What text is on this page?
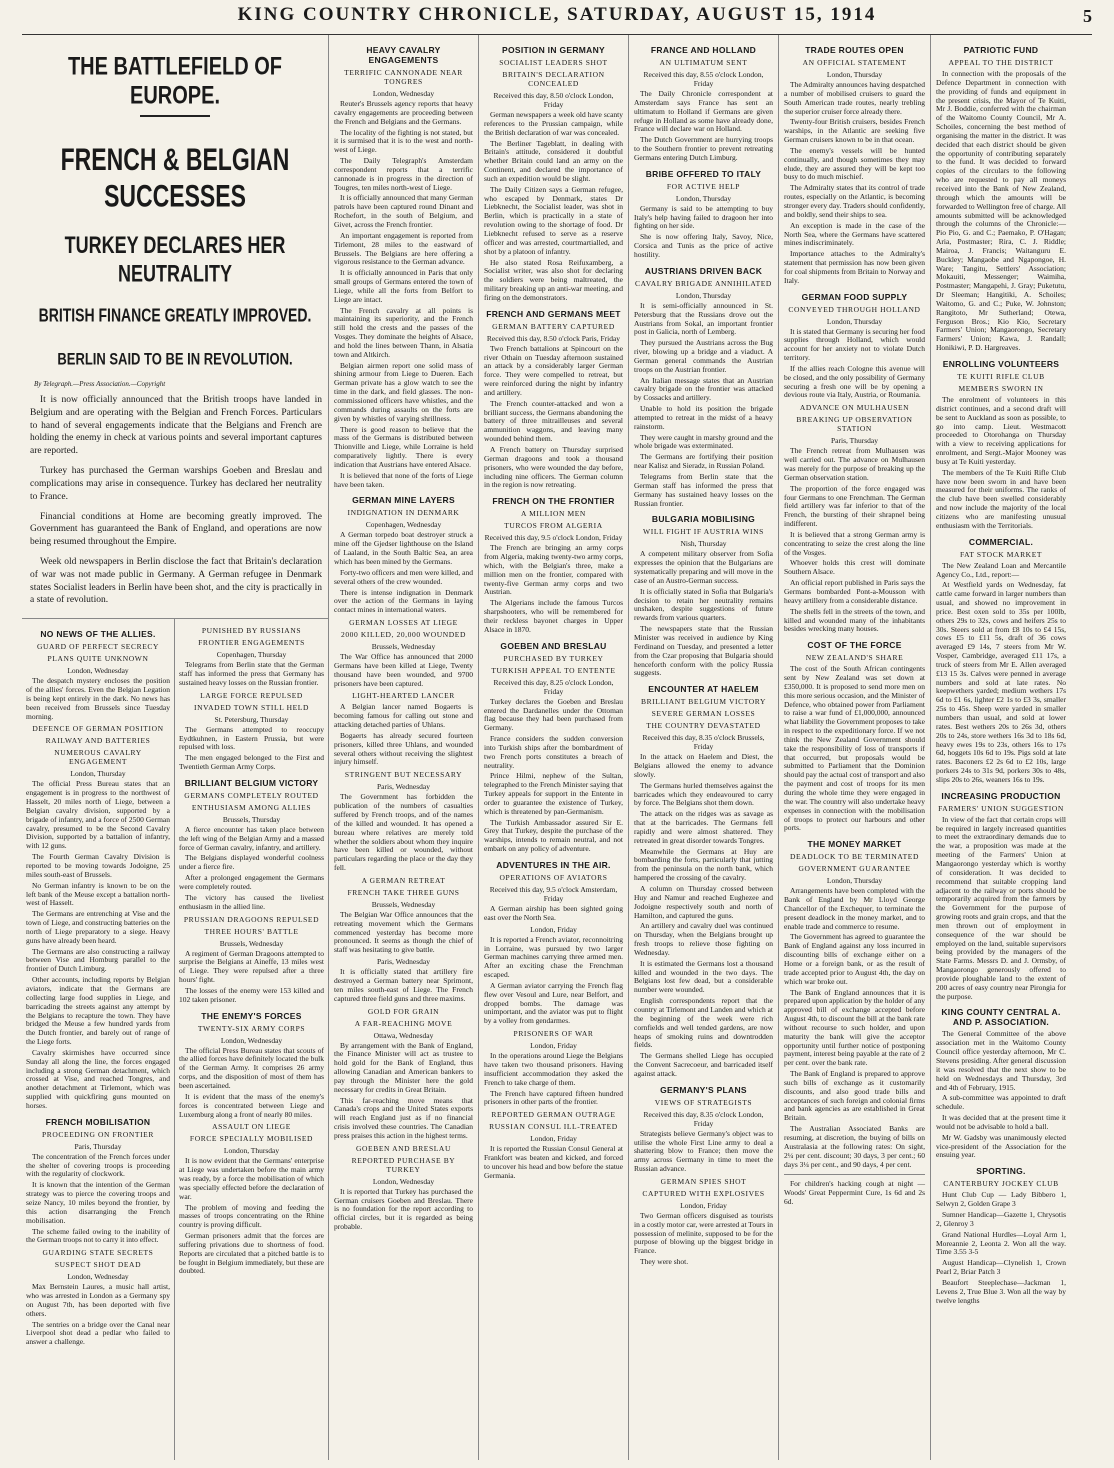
KING COUNTRY CHRONICLE, SATURDAY, AUGUST 15, 1914	5
THE BATTLEFIELD OF EUROPE.
FRENCH & BELGIAN SUCCESSES
TURKEY DECLARES HER NEUTRALITY
BRITISH FINANCE GREATLY IMPROVED.
BERLIN SAID TO BE IN REVOLUTION.
By Telegraph.—Press Association.—Copyright

It is now officially announced that the British troops have landed in Belgium and are operating with the Belgian and French Forces. Particulars to hand of several engagements indicate that the Belgians and French are holding the enemy in check at various points and several important captures are reported.

Turkey has purchased the German warships Goeben and Breslau and complications may arise in consequence. Turkey has declared her neutrality to France.

Financial conditions at Home are becoming greatly improved. The Government has guaranteed the Bank of England, and operations are now being resumed throughout the Empire.

Week old newspapers in Berlin disclose the fact that Britain's declaration of war was not made public in Germany. A German refugee in Denmark states Socialist leaders in Berlin have been shot, and the city is practically in a state of revolution.

NO NEWS OF THE ALLIES.
GUARD OF PERFECT SECRECY
PLANS QUITE UNKNOWN
London, Wednesday
The despatch mystery encloses the position of the allies' forces. Even the Belgian Legation is being kept entirely in the dark. No news has been received from Brussels since Tuesday morning.
DEFENCE OF GERMAN POSITION
RAILWAY AND BATTERIES
NUMEROUS CAVALRY ENGAGEMENT
London, Thursday
The official Press Bureau states that an engagement is in progress to the northwest of Hasselt, 20 miles north of Liege, between a Belgian cavalry division, supported by a brigade of infantry, and a force of 2500 German cavalry, presumed to be the Second Cavalry Division, supported by a battalion of infantry, with 12 guns.
The Fourth German Cavalry Division is reported to be moving towards Jodoigne, 25 miles south-east of Brussels.
No German infantry is known to be on the left bank of the Meuse except a battalion north-west of Hasselt.
The Germans are entrenching at Vise and the town of Liege, and constructing batteries on the north of Liege preparatory to a siege. Heavy guns have already been heard.
The Germans are also constructing a railway between Vise and Homburg parallel to the frontier of Dutch Limburg.
Other accounts, including reports by Belgian aviators, indicate that the Germans are collecting large food supplies in Liege, and barricading the streets against any attempt by the Belgians to recapture the town. They have bridged the Meuse a few hundred yards from the Dutch frontier, and barely out of range of the Liege forts.
Cavalry skirmishes have occurred since Sunday all along the line, the forces engaged including a strong German detachment, which crossed at Vise, and reached Tongres, and another detachment at Tirlemont, which was supplied with quickfiring guns mounted on horses.
FRENCH MOBILISATION
PROCEEDING ON FRONTIER
Paris, Thursday
The concentration of the French forces under the shelter of covering troops is proceeding with the regularity of clockwork.
It is known that the intention of the German strategy was to pierce the covering troops and seize Nancy, 10 miles beyond the frontier, by this action disarranging the French mobilisation.
The scheme failed owing to the inability of the German troops not to carry it into effect.
GUARDING STATE SECRETS
SUSPECT SHOT DEAD
London, Wednesday
Max Bernstein Laures, a music hall artist, who was arrested in London as a Germany spy on August 7th, has been deported with five others.
The sentries on a bridge over the Canal near Liverpool shot dead a pedlar who failed to answer a challenge.
PUNISHED BY RUSSIANS
FRONTIER ENGAGEMENTS
Copenhagen, Thursday
Telegrams from Berlin state that the German staff has informed the press that Germany has sustained heavy losses on the Russian frontier.
LARGE FORCE REPULSED
INVADED TOWN STILL HELD
St. Petersburg, Thursday
The Germans attempted to reoccupy Eydtkuhnen, in Eastern Prussia, but were repulsed with loss.
The men engaged belonged to the First and Twentieth German Army Corps.
BRILLIANT BELGIUM VICTORY
GERMANS COMPLETELY ROUTED
ENTHUSIASM AMONG ALLIES
Brussels, Thursday
A fierce encounter has taken place between the left wing of the Belgian Army and a massed force of German cavalry, infantry, and artillery.
The Belgians displayed wonderful coolness under a fierce fire.
After a prolonged engagement the Germans were completely routed.
The victory has caused the liveliest enthusiasm in the allied line.
PRUSSIAN DRAGOONS REPULSED
THREE HOURS' BATTLE
Brussels, Wednesday
A regiment of German Dragoons attempted to surprise the Belgians at Aineffe, 13 miles west of Liege. They were repulsed after a three hours' fight.
The losses of the enemy were 153 killed and 102 taken prisoner.
THE ENEMY'S FORCES
TWENTY-SIX ARMY CORPS
London, Wednesday
The official Press Bureau states that scouts of the allied forces have definitely located the bulk of the German Army. It comprises 26 army corps, and the disposition of most of them has been ascertained.
It is evident that the mass of the enemy's forces is concentrated between Liege and Luxemburg along a front of nearly 80 miles.
ASSAULT ON LIEGE
FORCE SPECIALLY MOBILISED
London, Thursday
It is now evident that the Germans' enterprise at Liege was undertaken before the main army was ready, by a force the mobilisation of which was specially effected before the declaration of war.
The problem of moving and feeding the masses of troops concentrating on the Rhine country is proving difficult.
German prisoners admit that the forces are suffering privations due to shortness of food. Reports are circulated that a pitched battle is to be fought in Belgium immediately, but these are doubted.
HEAVY CAVALRY ENGAGEMENTS
TERRIFIC CANNONADE NEAR TONGRES
London, Wednesday
Reuter's Brussels agency reports that heavy cavalry engagements are proceeding between the French and Belgians and the Germans.
The locality of the fighting is not stated, but it is surmised that it is to the west and north-west of Liege.
The Daily Telegraph's Amsterdam correspondent reports that a terrific cannonade is in progress in the direction of Tougres, ten miles north-west of Liege.
It is officially announced that many German patrols have been captured round Dinant and Rochefort, in the south of Belgium, and Givet, across the French frontier.
An important engagement is reported from Tirlemont, 28 miles to the eastward of Brussels. The Belgians are here offering a vigorous resistance to the German advance.
It is officially announced in Paris that only small groups of Germans entered the town of Liege, while all the forts from Belfort to Liege are intact.
The French cavalry at all points is maintaining its superiority, and the French still hold the crests and the passes of the Vosges. They dominate the heights of Alsace, and hold the lines between Thann, in Alsatia town and Altkirch.
Belgian airmen report one solid mass of shining armour from Liege to Dueren. Each German private has a glow watch to see the time in the dark, and field glasses. The non-commissioned officers have whistles, and the commands during assaults on the forts are given by whistles of varying shrillness.
There is good reason to believe that the mass of the Germans is distributed between Thionville and Liege, while Lorraine is held comparatively lightly. There is every indication that Austrians have entered Alsace.
It is believed that none of the forts of Liege have been taken.
GERMAN MINE LAYERS
INDIGNATION IN DENMARK
Copenhagen, Wednesday
A German torpedo boat destroyer struck a mine off the Gjedser lighthouse on the Island of Laaland, in the South Baltic Sea, an area which has been mined by the Germans.
Forty-two officers and men were killed, and several others of the crew wounded.
There is intense indignation in Denmark over the action of the Germans in laying contact mines in international waters.
GERMAN LOSSES AT LIEGE
2000 KILLED, 20,000 WOUNDED
Brussels, Wednesday
The War Office has announced that 2000 Germans have been killed at Liege, Twenty thousand have been wounded, and 9700 prisoners have been captured.
LIGHT-HEARTED LANCER
A Belgian lancer named Bogaerts is becoming famous for calling out stone and attacking detached parties of Uhlans.
Bogaerts has already secured fourteen prisoners, killed three Uhlans, and wounded several others without receiving the slightest injury himself.
STRINGENT BUT NECESSARY
Paris, Wednesday
The Government has forbidden the publication of the numbers of casualties suffered by French troops, and of the names of the killed and wounded. It has opened a bureau where relatives are merely told whether the soldiers about whom they inquire have been killed or wounded, without particulars regarding the place or the day they fell.
A GERMAN RETREAT
FRENCH TAKE THREE GUNS
Brussels, Wednesday
The Belgian War Office announces that the retreating movement which the Germans commenced yesterday has become more pronounced. It seems as though the chief of staff was hesitating to give battle.
Paris, Wednesday
It is officially stated that artillery fire destroyed a German battery near Sprimont, ten miles south-east of Liege. The French captured three field guns and three maxims.
GOLD FOR GRAIN
A FAR-REACHING MOVE
Ottawa, Wednesday
By arrangement with the Bank of England, the Finance Minister will act as trustee to hold gold for the Bank of England, thus allowing Canadian and American bankers to pay through the Minister here the gold necessary for credits in Great Britain.
This far-reaching move means that Canada's crops and the United States exports will reach England just as if no financial crisis involved these countries. The Canadian press praises this action in the highest terms.
GOEBEN AND BRESLAU
REPORTED PURCHASE BY TURKEY
London, Wednesday
It is reported that Turkey has purchased the German cruisers Goeben and Breslau. There is no foundation for the report according to official circles, but it is regarded as being probable.
POSITION IN GERMANY
SOCIALIST LEADERS SHOT
BRITAIN'S DECLARATION CONCEALED
Received this day, 8.50 o'clock London, Friday
German newspapers a week old have scanty references to the Prussian campaign, while the British declaration of war was concealed.
The Berliner Tageblatt, in dealing with Britain's attitude, considered it doubtful whether Britain could land an army on the Continent, and declared the importance of such an expedition would be slight.
The Daily Citizen says a German refugee, who escaped by Denmark, states Dr Liebknecht, the Socialist leader, was shot in Berlin, which is practically in a state of revolution owing to the shortage of food. Dr Liebknecht refused to serve as a reserve officer and was arrested, courtmartialled, and shot by a platoon of infantry.
He also stated Rosa Reifuxamberg, a Socialist writer, was also shot for declaring the soldiers were being maltreated, the military breaking up an anti-war meeting, and firing on the demonstrators.
FRENCH AND GERMANS MEET
GERMAN BATTERY CAPTURED
Received this day, 8.50 o'clock Paris, Friday
Two French battalions at Spincourt on the river Othain on Tuesday afternoon sustained an attack by a considerably larger German force. They were compelled to retreat, but were reinforced during the night by infantry and artillery.
The French counter-attacked and won a brilliant success, the Germans abandoning the battery of three mitrailleuses and several ammunition waggons, and leaving many wounded behind them.
A French battery on Thursday surprised German dragoons and took a thousand prisoners, who were wounded the day before, including nine officers. The German column in the region is now retreating.
FRENCH ON THE FRONTIER
A MILLION MEN
TURCOS FROM ALGERIA
Received this day, 9.5 o'clock London, Friday
The French are bringing an army corps from Algeria, making twenty-two army corps, which, with the Belgian's three, make a million men on the frontier, compared with twenty-five German army corps and two Austrian.
The Algerians include the famous Turcos sharpshooters, who will be remembered for their reckless bayonet charges in Upper Alsace in 1870.
GOEBEN AND BRESLAU
PURCHASED BY TURKEY
TURKISH APPEAL TO ENTENTE
Received this day, 8.25 o'clock London, Friday
Turkey declares the Goeben and Breslau entered the Dardanelles under the Ottoman flag because they had been purchased from Germany.
France considers the sudden conversion into Turkish ships after the bombardment of two French ports constitutes a breach of neutrality.
Prince Hilmi, nephew of the Sultan, telegraphed to the French Minister saying that Turkey appeals for support in the Entente in order to guarantee the existence of Turkey, which is threatened by pan-Germanism.
The Turkish Ambassador assured Sir E. Grey that Turkey, despite the purchase of the warships, intends to remain neutral, and not embark on any policy of adventure.
ADVENTURES IN THE AIR.
OPERATIONS OF AVIATORS
Received this day, 9.5 o'clock Amsterdam, Friday
A German airship has been sighted going east over the North Sea.
London, Friday
It is reported a French aviator, reconnoitring in Lorraine, was pursued by two larger German machines carrying three armed men. After an exciting chase the Frenchman escaped.
A German aviator carrying the French flag flew over Vesoul and Lure, near Belfort, and dropped bombs. The damage was unimportant, and the aviator was put to flight by a volley from gendarmes.
PRISONERS OF WAR
London, Friday
In the operations around Liege the Belgians have taken two thousand prisoners. Having insufficient accommodation they asked the French to take charge of them.
The French have captured fifteen hundred prisoners in other parts of the frontier.
REPORTED GERMAN OUTRAGE
RUSSIAN CONSUL ILL-TREATED
London, Friday
It is reported the Russian Consul General at Frankfort was beaten and kicked, and forced to uncover his head and bow before the statue Germania.
FRANCE AND HOLLAND
AN ULTIMATUM SENT
Received this day, 8.55 o'clock London, Friday
The Daily Chronicle correspondent at Amsterdam says France has sent an ultimatum to Holland if Germans are given refuge in Holland as some have already done, France will declare war on Holland.
The Dutch Government are hurrying troops to the Southern frontier to prevent retreating Germans entering Dutch Limburg.
BRIBE OFFERED TO ITALY
FOR ACTIVE HELP
London, Thursday
Germany is said to be attempting to buy Italy's help having failed to dragoon her into fighting on her side.
She is now offering Italy, Savoy, Nice, Corsica and Tunis as the price of active hostility.
AUSTRIANS DRIVEN BACK
CAVALRY BRIGADE ANNIHILATED
London, Thursday
It is semi-officially announced in St. Petersburg that the Russians drove out the Austrians from Sokal, an important frontier post in Galicia, north of Lemberg.
They pursued the Austrians across the Bug river, blowing up a bridge and a viaduct. A German general commands the Austrian troops on the Austrian frontier.
An Italian message states that an Austrian cavalry brigade on the frontier was attacked by Cossacks and artillery.
Unable to hold its position the brigade attempted to retreat in the midst of a heavy rainstorm.
They were caught in marshy ground and the whole brigade was exterminated.
The Germans are fortifying their position near Kalisz and Sieradz, in Russian Poland.
Telegrams from Berlin state that the German staff has informed the press that Germany has sustained heavy losses on the Russian frontier.
BULGARIA MOBILISING
WILL FIGHT IF AUSTRIA WINS
Nish, Thursday
A competent military observer from Sofia expresses the opinion that the Bulgarians are systematically preparing and will move in the case of an Austro-German success.
It is officially stated in Sofia that Bulgaria's decision to retain her neutrality remains unshaken, despite suggestions of future rewards from various quarters.
The newspapers state that the Russian Minister was received in audience by King Ferdinand on Tuesday, and presented a letter from the Czar proposing that Bulgaria should henceforth conform with the policy Russia suggests.
ENCOUNTER AT HAELEM
BRILLIANT BELGIUM VICTORY
SEVERE GERMAN LOSSES
THE COUNTRY DEVASTATED
Received this day, 8.35 o'clock Brussels, Friday
In the attack on Haelem and Diest, the Belgians allowed the enemy to advance slowly.
The Germans hurled themselves against the barricades which they endeavoured to carry by force. The Belgians shot them down.
The attack on the ridges was as savage as that at the barricades. The Germans fell rapidly and were almost shattered. They retreated in great disorder towards Tongres.
Meanwhile the Germans at Huy are bombarding the forts, particularly that jutting from the peninsula on the north bank, which hampered the crossing of the cavalry.
A column on Thursday crossed between Huy and Namur and reached Eughezee and Jodoigne respectively south and north of Hamilton, and captured the guns.
An artillery and cavalry duel was continued on Thursday, when the Belgians brought up fresh troops to relieve those fighting on Wednesday.
It is estimated the Germans lost a thousand killed and wounded in the two days. The Belgians lost few dead, but a considerable number were wounded.
English correspondents report that the country at Tirlemont and Landen and which at the beginning of the week were rich cornfields and well tended gardens, are now heaps of smoking ruins and downtrodden fields.
The Germans shelled Liege has occupied the Convent Sacrecoeur, and barricaded itself against attack.
GERMANY'S PLANS
VIEWS OF STRATEGISTS
Received this day, 8.35 o'clock London, Friday
Strategists believe Germany's object was to utilise the whole First Line army to deal a shattering blow to France; then move the army across Germany in time to meet the Russian advance.
GERMAN SPIES SHOT
CAPTURED WITH EXPLOSIVES
London, Friday
Two German officers disguised as tourists in a costly motor car, were arrested at Tours in possession of melinite, supposed to be for the purpose of blowing up the biggest bridge in France.
They were shot.
TRADE ROUTES OPEN
AN OFFICIAL STATEMENT
London, Thursday
The Admiralty announces having despatched a number of mobilised cruisers to guard the South American trade routes, nearly trebling the superior cruiser force already there.
Twenty-four British cruisers, besides French warships, in the Atlantic are seeking five German cruisers known to be in that ocean.
The enemy's vessels will be hunted continually, and though sometimes they may elude, they are assured they will be kept too busy to do much mischief.
The Admiralty states that its control of trade routes, especially on the Atlantic, is becoming stronger every day. Traders should confidently, and boldly, send their ships to sea.
An exception is made in the case of the North Sea, where the Germans have scattered mines indiscriminately.
Importance attaches to the Admiralty's statement that permission has now been given for coal shipments from Britain to Norway and Italy.
GERMAN FOOD SUPPLY
CONVEYED THROUGH HOLLAND
London, Thursday
It is stated that Germany is securing her food supplies through Holland, which would account for her anxiety not to violate Dutch territory.
If the allies reach Cologne this avenue will be closed, and the only possibility of Germany securing a fresh one will be by opening a devious route via Italy, Austria, or Roumania.
ADVANCE ON MULHAUSEN
BREAKING UP OBSERVATION STATION
Paris, Thursday
The French retreat from Mulhausen was well carried out. The advance on Mulhausen was merely for the purpose of breaking up the German observation station.
The proportion of the force engaged was four Germans to one Frenchman. The German field artillery was far inferior to that of the French, the bursting of their shrapnel being indifferent.
It is believed that a strong German army is concentrating to seize the crest along the line of the Vosges.
Whoever holds this crest will dominate Southern Alsace.
An official report published in Paris says the Germans bombarded Pont-a-Mousson with heavy artillery from a considerable distance.
The shells fell in the streets of the town, and killed and wounded many of the inhabitants besides wrecking many houses.
COST OF THE FORCE
NEW ZEALAND'S SHARE
The cost of the South African contingents sent by New Zealand was set down at £350,000. It is proposed to send more men on this more serious occasion, and the Minister of Defence, who obtained power from Parliament to raise a war fund of £1,000,000, announced what liability the Government proposes to take in respect to the expeditionary force. If we not think the New Zealand Government should take the responsibility of loss of transports if that occurred, but proposals would be submitted to Parliament that the Dominion should pay the actual cost of transport and also the payment and cost of troops for its men during the whole time they were engaged in the war. The country will also undertake heavy expenses in connection with the mobilisation of troops to protect our harbours and other ports.
THE MONEY MARKET
DEADLOCK TO BE TERMINATED
GOVERNMENT GUARANTEE
London, Thursday
Arrangements have been completed with the Bank of England by Mr Lloyd George Chancellor of the Exchequer, to terminate the present deadlock in the money market, and to enable trade and commerce to resume.
The Government has agreed to guarantee the Bank of England against any loss incurred in discounting bills of exchange either on a Home or a foreign bank, or as the result of trade accepted prior to August 4th, the day on which war broke out.
The Bank of England announces that it is prepared upon application by the holder of any approved bill of exchange accepted before August 4th, to discount the bill at the bank rate without recourse to such holder, and upon maturity the bank will give the acceptor opportunity until further notice of postponing payment, interest being payable at the rate of 2 per cent. over the bank rate.
The Bank of England is prepared to approve such bills of exchange as it customarily discounts, and also good trade bills and acceptances of such foreign and colonial firms and bank agencies as are established in Great Britain.
The Australian Associated Banks are resuming, at discretion, the buying of bills on Australasia at the following rates: On sight, 2¼ per cent. discount; 30 days, 3 per cent.; 60 days 3¼ per cent., and 90 days, 4 per cent.
For children's hacking cough at night — Woods' Great Peppermint Cure, 1s 6d and 2s 6d.
PATRIOTIC FUND
APPEAL TO THE DISTRICT
In connection with the proposals of the Defence Department in connection with the providing of funds and equipment in the present crisis, the Mayor of Te Kuiti, Mr J. Boddie, conferred with the chairman of the Waitomo County Council, Mr A. Schoiles, concerning the best method of organising the matter in the district. It was decided that each district should be given the opportunity of contributing separately to the fund. It was decided to forward copies of the circulars to the following who are requested to pay all moneys received into the Bank of New Zealand, through which the amounts will be forwarded to Wellington free of charge. All amounts submitted will be acknowledged through the columns of the Chronicle:—Pio Pio, G. and C.; Paemako, P. O'Hagan; Aria, Postmaster; Rira, C. J. Riddle; Mairoa, J. Francis; Waitanguru E. Buckley; Mangaobe and Ngapongoe, H. Ware; Tangitu, Settlers' Association; Mokauiti, Messenger; Waimiha, Postmaster; Mangapehi, J. Gray; Puketutu, Dr Sleeman; Hangitiki, A. Schoiles; Waitomo, G. and C.; Puke, W. Johnston; Rangitoto, Mr Sutherland; Otewa, Ferguson Bros.; Kio Kio, Secretary Farmers' Union; Mangaorongo, Secretary Farmers' Union; Kawa, J. Randall; Honikiwi, P. D. Hargreaves.
ENROLLING VOLUNTEERS
TE KUITI RIFLE CLUB
MEMBERS SWORN IN
The enrolment of volunteers in this district continues, and a second draft will be sent to Auckland as soon as possible, to go into camp. Lieut. Westmacott proceeded to Otorohanga on Thursday with a view to receiving applications for enrolment, and Sergt.-Major Mooney was busy at Te Kuiti yesterday.
The members of the Te Kuiti Rifle Club have now been sworn in and have been measured for their uniforms. The ranks of the club have been swelled considerably and now include the majority of the local citizens who are manifesting unusual enthusiasm with the Territorials.
COMMERCIAL.
FAT STOCK MARKET
The New Zealand Loan and Mercantile Agency Co., Ltd., report:—
At Westfield yards on Wednesday, fat cattle came forward in larger numbers than usual, and showed no improvement in price. Best oxen sold to 35s per 100lb, others 29s to 32s, cows and heifers 25s to 30s. Steers sold at from £8 10s to £4 15s, cows £5 to £11 5s, draft of 36 cows averaged £9 14s, 7 steers from Mr W. Vosper, Cambridge, averaged £11 17s, a truck of steers from Mr E. Allen averaged £13 15 3s. Calves were penned in average numbers and sold at late rates. No keepwethers yarded; medium wethers 17s 6d to £1 6s, lighter £2 1s to £3 3s, smaller 25s to 45s. Sheep were yarded in smaller numbers than usual, and sold at lower rates. Best wethers 20s to 26s 3d, others 20s to 24s, store wethers 16s 3d to 18s 6d, heavy ewes 19s to 23s, others 16s to 17s 6d, hoggets 10s 6d to 19s. Pigs sold at late rates. Baconers £2 2s 6d to £2 10s, large porkers 24s to 31s 9d, porkers 30s to 48s, slips 20s to 26s, weaners 16s to 19s.
INCREASING PRODUCTION
FARMERS' UNION SUGGESTION
In view of the fact that certain crops will be required in largely increased quantities to meet the extraordinary demands due to the war, a proposition was made at the meeting of the Farmers' Union at Mangaorongo yesterday which is worthy of consideration. It was decided to recommend that suitable cropping land adjacent to the railway or ports should be temporarily acquired from the farmers by the Government for the purpose of growing roots and grain crops, and that the men thrown out of employment in consequence of the war should be employed on the land, suitable supervisors being provided by the managers of the State Farms. Messrs D. and J. Ormsby, of Mangaorongo generously offered to provide ploughable land to the extent of 200 acres of easy country near Pirongia for the purpose.
KING COUNTY CENTRAL A. AND P. ASSOCIATION.
The General Committee of the above association met in the Waitomo County Council office yesterday afternoon, Mr C. Stevens presiding. After general discussion it was resolved that the next show to be held on Wednesdays and Thursday, 3rd and 4th of February, 1915.
A sub-committee was appointed to draft schedule.
It was decided that at the present time it would not be advisable to hold a ball.
Mr W. Gadsby was unanimously elected vice-president of the Association for the ensuing year.
SPORTING.
CANTERBURY JOCKEY CLUB
Hunt Club Cup — Lady Bibbero 1, Selwyn 2, Golden Grape 3
Sumner Handicap—Gazette 1, Chrysotis 2, Glenroy 3
Grand National Hurdles—Loyal Arm 1, Moreannie 2, Leonta 2. Won all the way. Time 3.55 3-5
August Handicap—Clynelish 1, Crown Pearl 2, Briar Patch 3
Beaufort Steeplechase—Jackman 1, Levens 2, True Blue 3. Won all the way by twelve lengths
